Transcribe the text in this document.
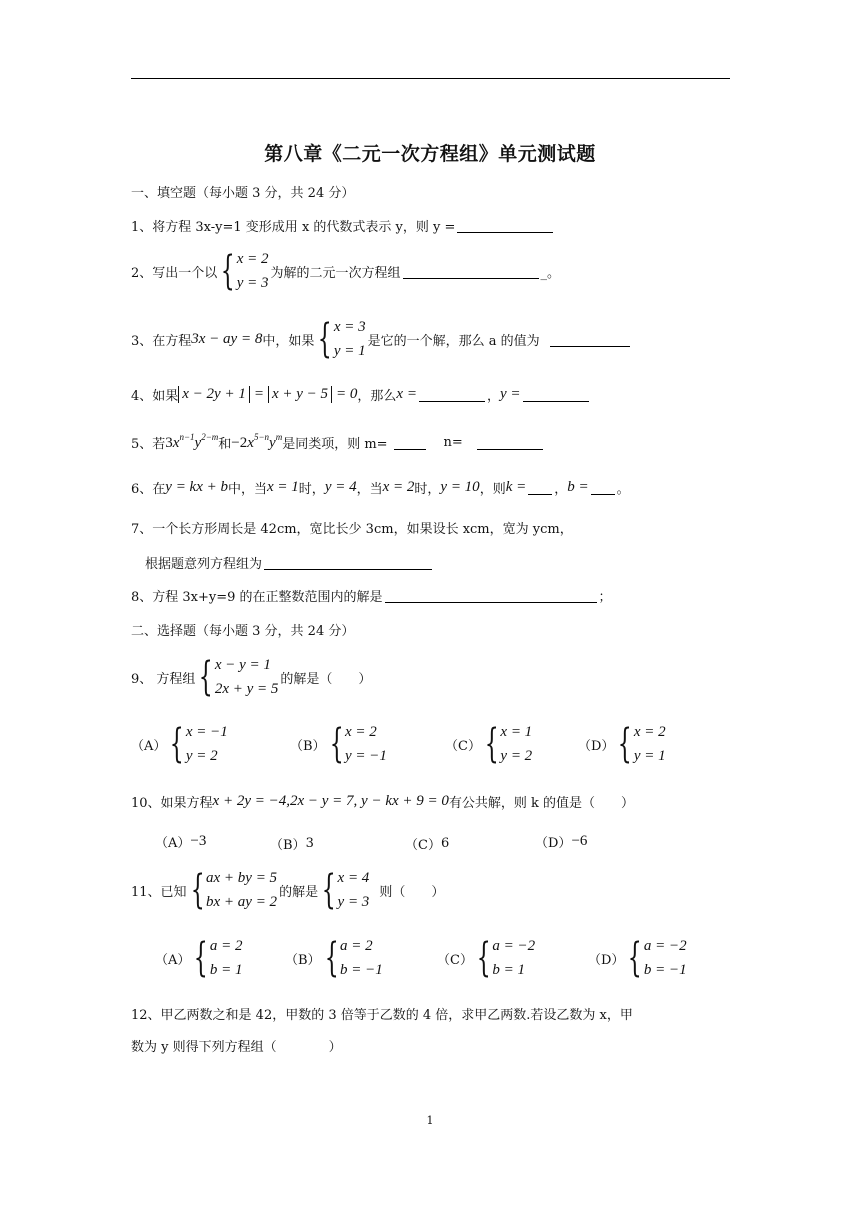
第八章《二元一次方程组》单元测试题
一、填空题（每小题 3 分，共 24 分）
1、将方程 3x-y=1 变形成用 x 的代数式表示 y，则 y =
2、写出一个以 { x = 2
y = 3
为解的二元一次方程组	_。
3、在方程 3x − ay = 8 中，如果 { x = 3
y = 1
是它的一个解，那么 a 的值为
4、如果 x − 2y + 1 = x + y − 5 = 0 ，那么 x =	， y =
5、若 $3x^{n-1}y^{2-m}$ 和 $-2x^{5-n}y^m$ 是同类项，则 m=	n=
6、在 y = kx + b 中，当 x = 1 时， y = 4 ，当 x = 2 时， y = 10 ，则 k = ， b = 。
7、一个长方形周长是 42cm，宽比长少 3cm，如果设长 xcm，宽为 ycm，
根据题意列方程组为
8、方程 3x+y=9 的在正整数范围内的解是	；
二、选择题（每小题 3 分，共 24 分）
9、 方程组 { x − y = 1
2x + y = 5
的解是（　　）
（A） { x = −1
y = 2
（B） { x = 2
y = −1
（C） { x = 1
y = 2
（D） { x = 2
y = 1
10、如果方程 x + 2y = −4,2x − y = 7, y − kx + 9 = 0 有公共解，则 k 的值是（　　）
（A） −3	（B） 3	（C） 6	（D） −6
11、已知 { ax + by = 5
bx + ay = 2
的解是 { x = 4
y = 3
则（　　）
（A） { a = 2
b = 1
（B） { a = 2
b = −1
（C） { a = −2
b = 1
（D） { a = −2
b = −1
12、甲乙两数之和是 42，甲数的 3 倍等于乙数的 4 倍，求甲乙两数.若设乙数为 x，甲
数为 y 则得下列方程组（　　　　）
1
